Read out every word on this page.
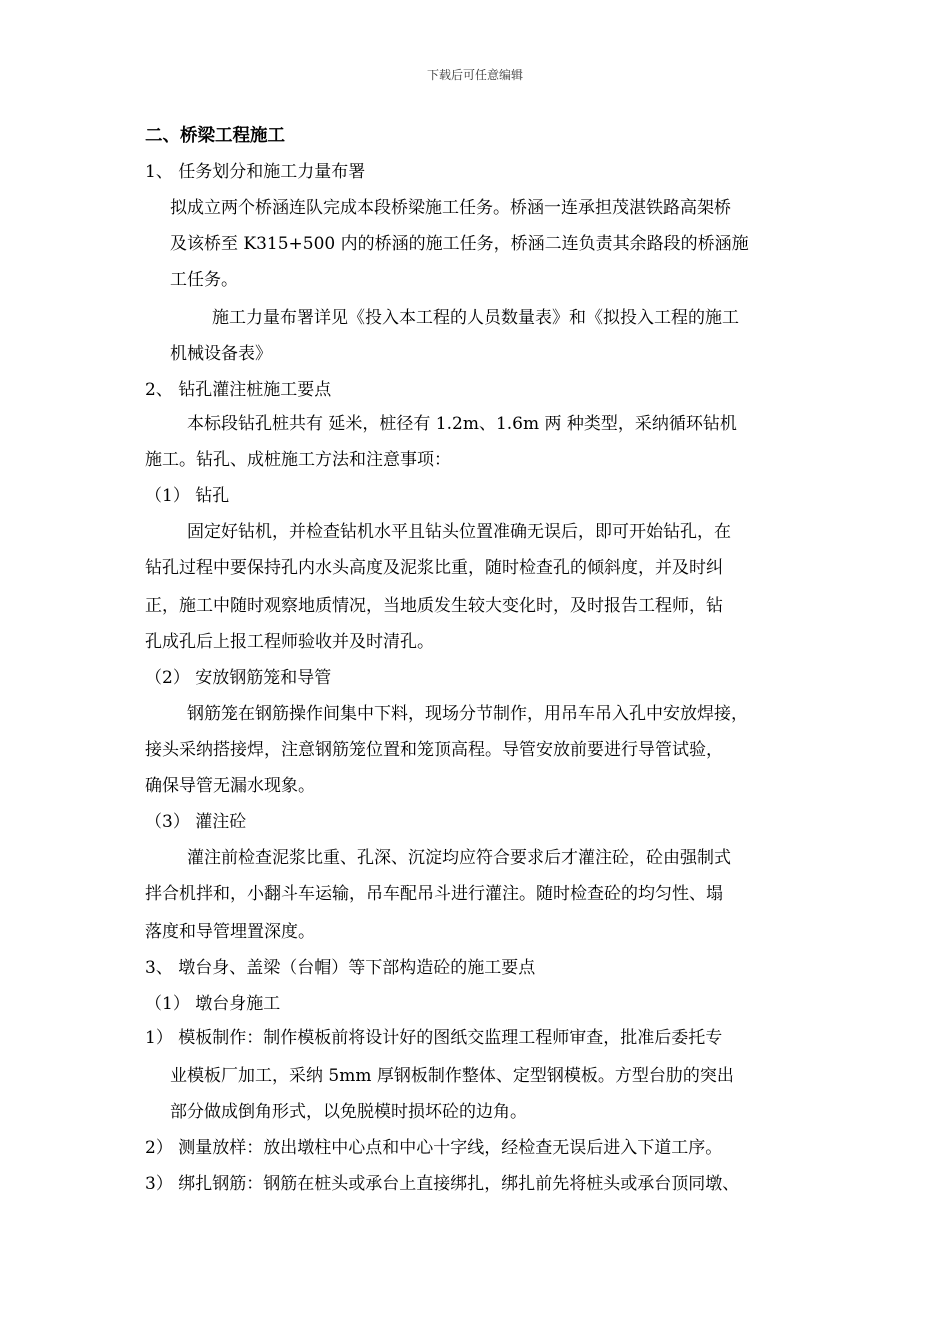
下载后可任意编辑
二、桥梁工程施工
1、 任务划分和施工力量布署
拟成立两个桥涵连队完成本段桥梁施工任务。桥涵一连承担茂湛铁路高架桥
及该桥至 K315+500 内的桥涵的施工任务，桥涵二连负责其余路段的桥涵施
工任务。
施工力量布署详见《投入本工程的人员数量表》和《拟投入工程的施工
机械设备表》
2、 钻孔灌注桩施工要点
本标段钻孔桩共有 延米，桩径有 1.2m、1.6m 两 种类型，采纳循环钻机
施工。钻孔、成桩施工方法和注意事项：
（1） 钻孔
固定好钻机，并检查钻机水平且钻头位置准确无误后，即可开始钻孔，在
钻孔过程中要保持孔内水头高度及泥浆比重，随时检查孔的倾斜度，并及时纠
正，施工中随时观察地质情况，当地质发生较大变化时，及时报告工程师，钻
孔成孔后上报工程师验收并及时清孔。
（2） 安放钢筋笼和导管
钢筋笼在钢筋操作间集中下料，现场分节制作，用吊车吊入孔中安放焊接，
接头采纳搭接焊，注意钢筋笼位置和笼顶高程。导管安放前要进行导管试验，
确保导管无漏水现象。
（3） 灌注砼
灌注前检查泥浆比重、孔深、沉淀均应符合要求后才灌注砼，砼由强制式
拌合机拌和，小翻斗车运输，吊车配吊斗进行灌注。随时检查砼的均匀性、塌
落度和导管埋置深度。
3、 墩台身、盖梁（台帽）等下部构造砼的施工要点
（1） 墩台身施工
1） 模板制作：制作模板前将设计好的图纸交监理工程师审查，批准后委托专
业模板厂加工，采纳 5mm 厚钢板制作整体、定型钢模板。方型台肋的突出
部分做成倒角形式，以免脱模时损坏砼的边角。
2） 测量放样：放出墩柱中心点和中心十字线，经检查无误后进入下道工序。
3） 绑扎钢筋：钢筋在桩头或承台上直接绑扎，绑扎前先将桩头或承台顶同墩、
